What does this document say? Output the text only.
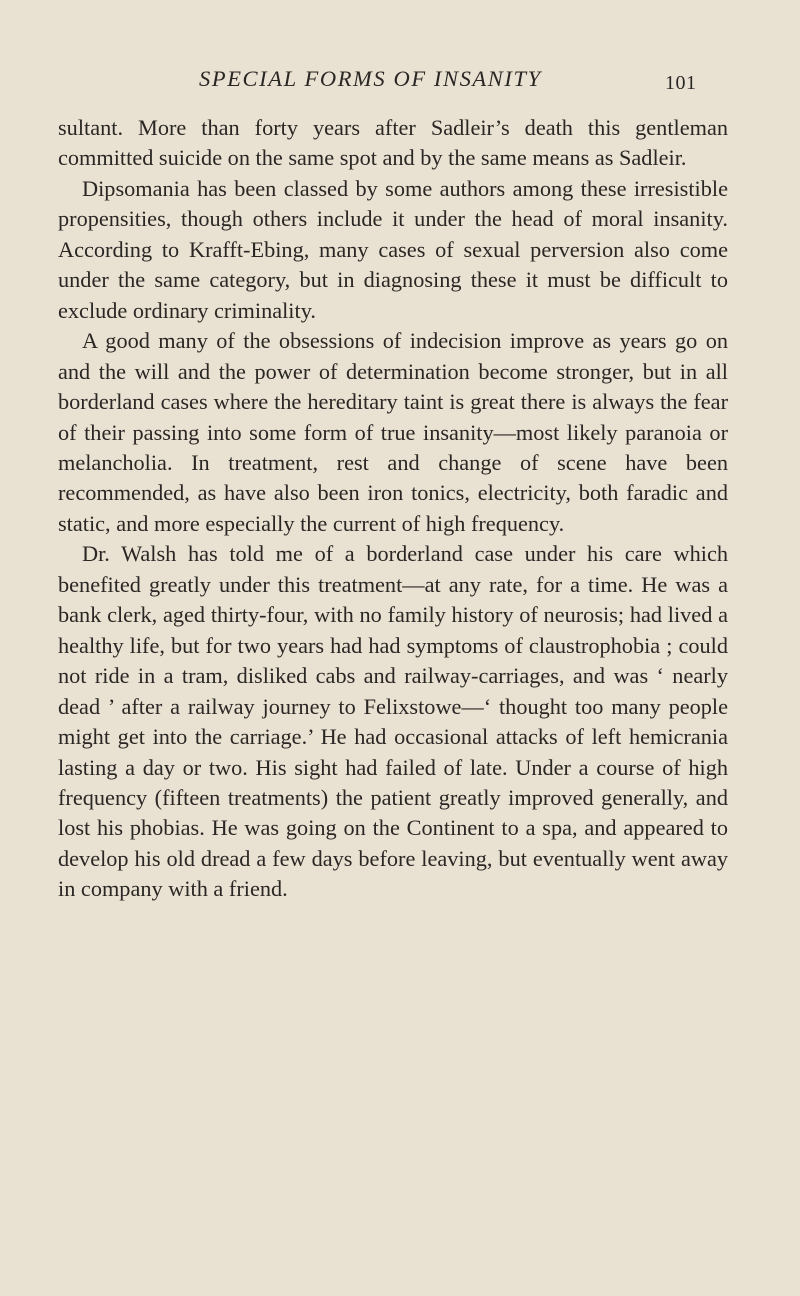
SPECIAL FORMS OF INSANITY	101

sultant. More than forty years after Sadleir’s death this gentleman committed suicide on the same spot and by the same means as Sadleir.

Dipsomania has been classed by some authors among these irresistible propensities, though others include it under the head of moral insanity. According to Krafft-Ebing, many cases of sexual perversion also come under the same category, but in diagnosing these it must be difficult to exclude ordinary criminality.

A good many of the obsessions of indecision improve as years go on and the will and the power of determination become stronger, but in all borderland cases where the hereditary taint is great there is always the fear of their passing into some form of true insanity—most likely paranoia or melancholia. In treatment, rest and change of scene have been recommended, as have also been iron tonics, electricity, both faradic and static, and more especially the current of high frequency.

Dr. Walsh has told me of a borderland case under his care which benefited greatly under this treatment—at any rate, for a time. He was a bank clerk, aged thirty-four, with no family history of neurosis; had lived a healthy life, but for two years had had symptoms of claustrophobia ; could not ride in a tram, disliked cabs and railway-carriages, and was ‘ nearly dead ’ after a railway journey to Felixstowe—‘ thought too many people might get into the carriage.’ He had occasional attacks of left hemicrania lasting a day or two. His sight had failed of late. Under a course of high frequency (fifteen treatments) the patient greatly improved generally, and lost his phobias. He was going on the Continent to a spa, and appeared to develop his old dread a few days before leaving, but eventually went away in company with a friend.
